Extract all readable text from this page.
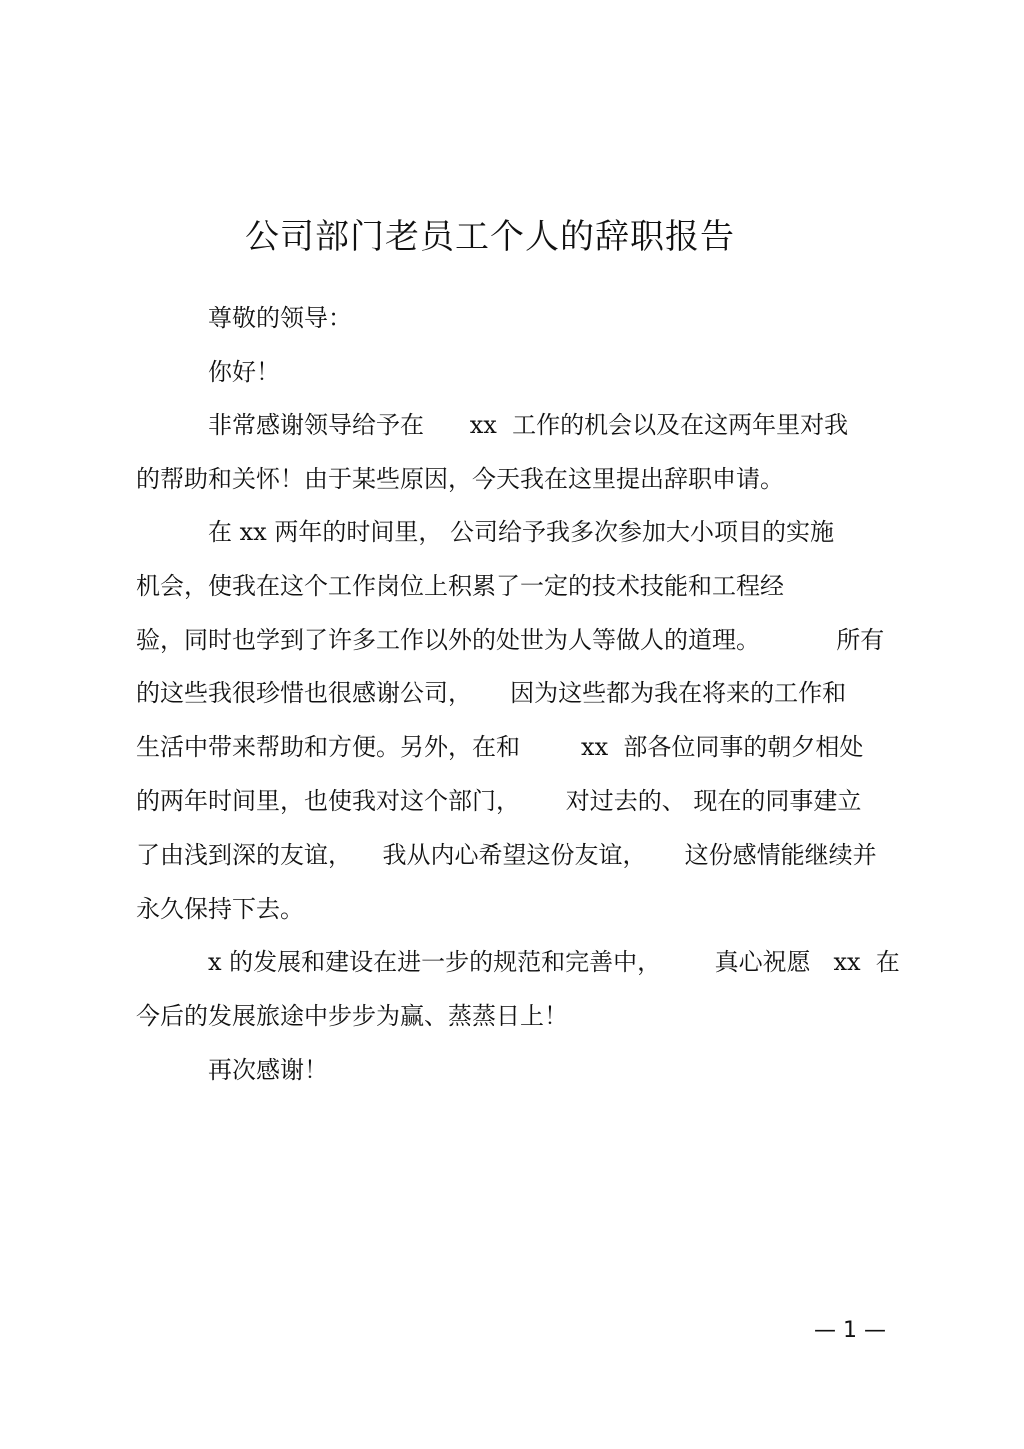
公司部门老员工个人的辞职报告
尊敬的领导：
你好！
非常感谢领导给予在      xx  工作的机会以及在这两年里对我
的帮助和关怀！由于某些原因，今天我在这里提出辞职申请。
在 xx 两年的时间里， 公司给予我多次参加大小项目的实施
机会，使我在这个工作岗位上积累了一定的技术技能和工程经
验，同时也学到了许多工作以外的处世为人等做人的道理。          所有
的这些我很珍惜也很感谢公司，     因为这些都为我在将来的工作和
生活中带来帮助和方便。另外，在和        xx  部各位同事的朝夕相处
的两年时间里，也使我对这个部门，      对过去的、 现在的同事建立
了由浅到深的友谊，    我从内心希望这份友谊，     这份感情能继续并
永久保持下去。
x 的发展和建设在进一步的规范和完善中，       真心祝愿   xx  在
今后的发展旅途中步步为赢、蒸蒸日上！
再次感谢！
— 1 —
